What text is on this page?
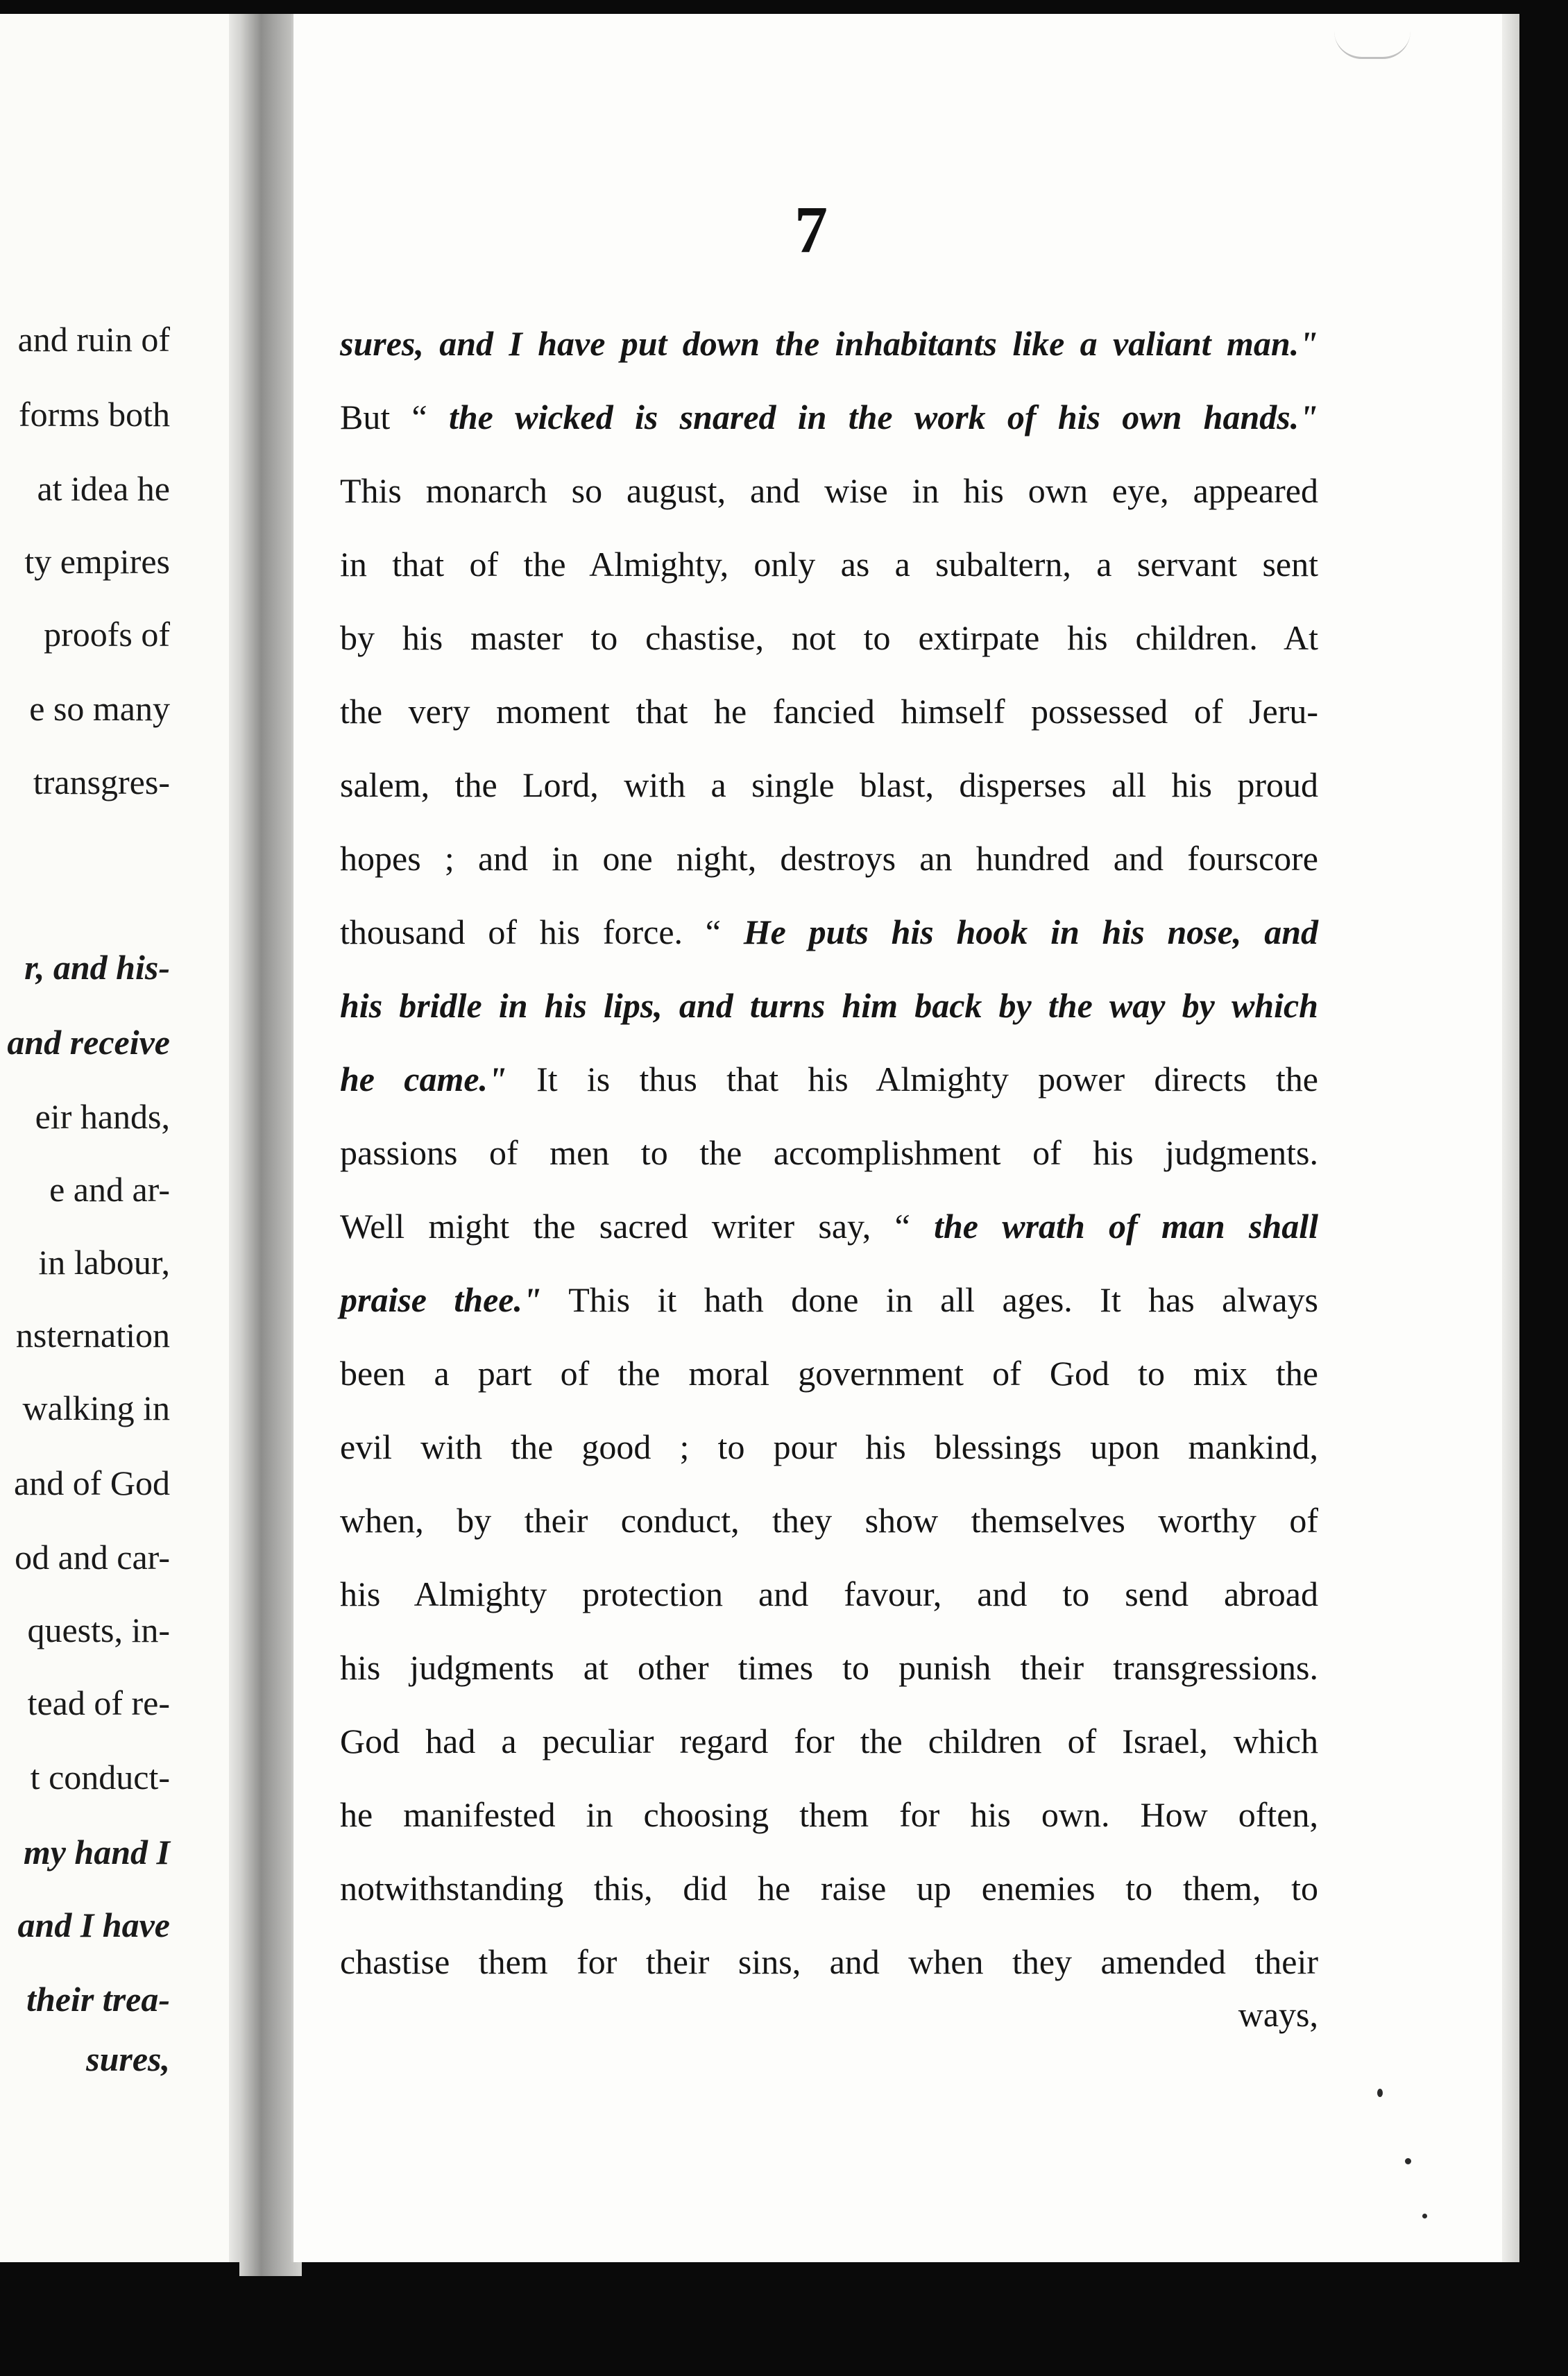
and ruin of
forms both
at idea he
ty empires
proofs of
e so many
transgres-
r, and his-
and receive
eir hands,
e and ar-
in labour,
nsternation
walking in
and of God
od and car-
quests, in-
tead of re-
t conduct-
my hand I
and I have
their trea-
sures,
7
sures, and I have put down the inhabitants like a valiant man."
But “ the wicked is snared in the work of his own hands."
This monarch so august, and wise in his own eye, appeared
in that of the Almighty, only as a subaltern, a servant sent
by his master to chastise, not to extirpate his children. At
the very moment that he fancied himself possessed of Jeru-
salem, the Lord, with a single blast, disperses all his proud
hopes ; and in one night, destroys an hundred and fourscore
thousand of his force. “ He puts his hook in his nose, and
his bridle in his lips, and turns him back by the way by which
he came." It is thus that his Almighty power directs the
passions of men to the accomplishment of his judgments.
Well might the sacred writer say, “ the wrath of man shall
praise thee." This it hath done in all ages. It has always
been a part of the moral government of God to mix the
evil with the good ; to pour his blessings upon mankind,
when, by their conduct, they show themselves worthy of
his Almighty protection and favour, and to send abroad
his judgments at other times to punish their transgressions.
God had a peculiar regard for the children of Israel, which
he manifested in choosing them for his own. How often,
notwithstanding this, did he raise up enemies to them, to
chastise them for their sins, and when they amended their
ways,
